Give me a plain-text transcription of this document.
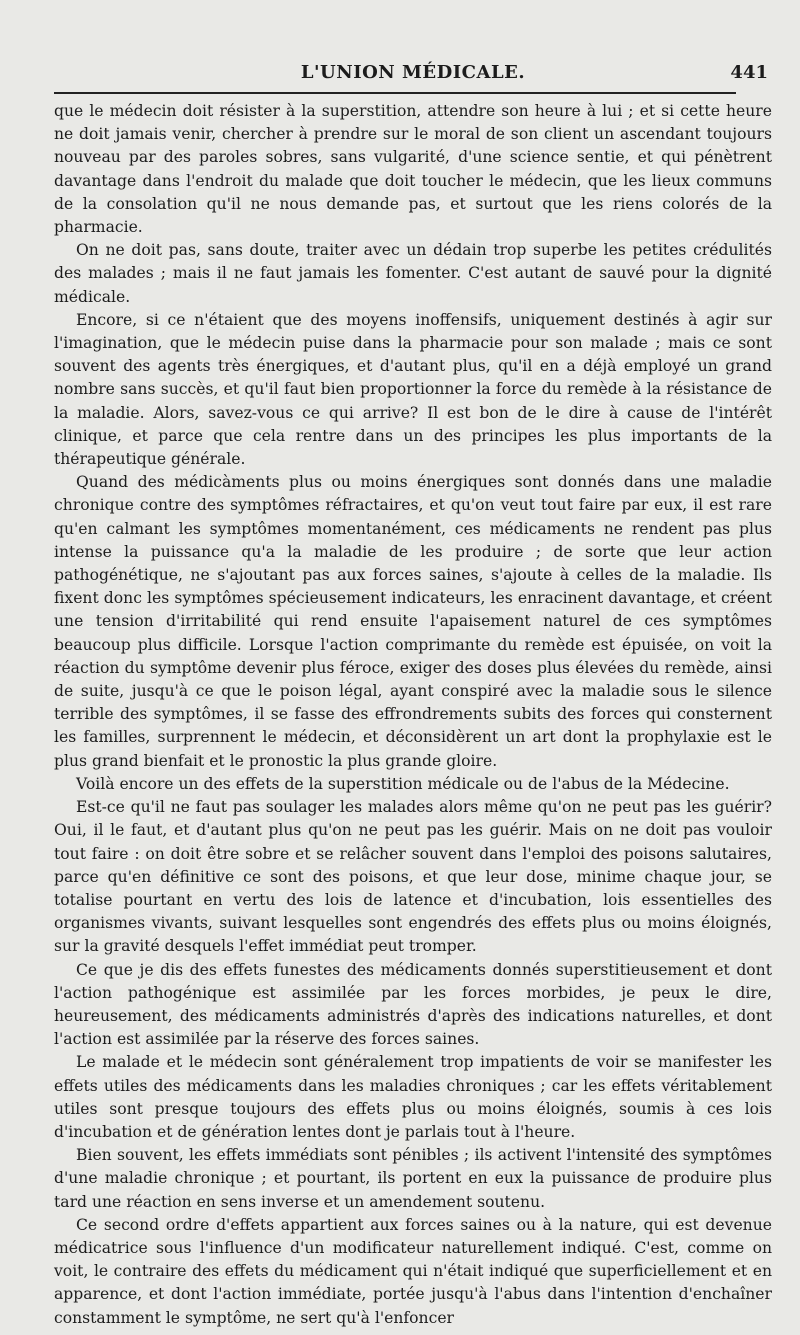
L'UNION MÉDICALE.	441

que le médecin doit résister à la superstition, attendre son heure à lui ; et si cette heure ne doit jamais venir, chercher à prendre sur le moral de son client un ascendant toujours nouveau par des paroles sobres, sans vulgarité, d'une science sentie, et qui pénètrent davantage dans l'endroit du malade que doit toucher le médecin, que les lieux communs de la consolation qu'il ne nous demande pas, et surtout que les riens colorés de la pharmacie.

On ne doit pas, sans doute, traiter avec un dédain trop superbe les petites crédulités des malades ; mais il ne faut jamais les fomenter. C'est autant de sauvé pour la dignité médicale.

Encore, si ce n'étaient que des moyens inoffensifs, uniquement destinés à agir sur l'imagination, que le médecin puise dans la pharmacie pour son malade ; mais ce sont souvent des agents très énergiques, et d'autant plus, qu'il en a déjà employé un grand nombre sans succès, et qu'il faut bien proportionner la force du remède à la résistance de la maladie. Alors, savez-vous ce qui arrive? Il est bon de le dire à cause de l'intérêt clinique, et parce que cela rentre dans un des principes les plus importants de la thérapeutique générale.

Quand des médicàments plus ou moins énergiques sont donnés dans une maladie chronique contre des symptômes réfractaires, et qu'on veut tout faire par eux, il est rare qu'en calmant les symptômes momentanément, ces médicaments ne rendent pas plus intense la puissance qu'a la maladie de les produire ; de sorte que leur action pathogénétique, ne s'ajoutant pas aux forces saines, s'ajoute à celles de la maladie. Ils fixent donc les symptômes spécieusement indicateurs, les enracinent davantage, et créent une tension d'irritabilité qui rend ensuite l'apaisement naturel de ces symptômes beaucoup plus difficile. Lorsque l'action comprimante du remède est épuisée, on voit la réaction du symptôme devenir plus féroce, exiger des doses plus élevées du remède, ainsi de suite, jusqu'à ce que le poison légal, ayant conspiré avec la maladie sous le silence terrible des symptômes, il se fasse des effrondrements subits des forces qui consternent les familles, surprennent le médecin, et déconsidèrent un art dont la prophylaxie est le plus grand bienfait et le pronostic la plus grande gloire.

Voilà encore un des effets de la superstition médicale ou de l'abus de la Médecine.

Est-ce qu'il ne faut pas soulager les malades alors même qu'on ne peut pas les guérir? Oui, il le faut, et d'autant plus qu'on ne peut pas les guérir. Mais on ne doit pas vouloir tout faire : on doit être sobre et se relâcher souvent dans l'emploi des poisons salutaires, parce qu'en définitive ce sont des poisons, et que leur dose, minime chaque jour, se totalise pourtant en vertu des lois de latence et d'incubation, lois essentielles des organismes vivants, suivant lesquelles sont engendrés des effets plus ou moins éloignés, sur la gravité desquels l'effet immédiat peut tromper.

Ce que je dis des effets funestes des médicaments donnés superstitieusement et dont l'action pathogénique est assimilée par les forces morbides, je peux le dire, heureusement, des médicaments administrés d'après des indications naturelles, et dont l'action est assimilée par la réserve des forces saines.

Le malade et le médecin sont généralement trop impatients de voir se manifester les effets utiles des médicaments dans les maladies chroniques ; car les effets véritablement utiles sont presque toujours des effets plus ou moins éloignés, soumis à ces lois d'incubation et de génération lentes dont je parlais tout à l'heure.

Bien souvent, les effets immédiats sont pénibles ; ils activent l'intensité des symptômes d'une maladie chronique ; et pourtant, ils portent en eux la puissance de produire plus tard une réaction en sens inverse et un amendement soutenu.

Ce second ordre d'effets appartient aux forces saines ou à la nature, qui est devenue médicatrice sous l'influence d'un modificateur naturellement indiqué. C'est, comme on voit, le contraire des effets du médicament qui n'était indiqué que superficiellement et en apparence, et dont l'action immédiate, portée jusqu'à l'abus dans l'intention d'enchaîner constamment le symptôme, ne sert qu'à l'enfoncer
